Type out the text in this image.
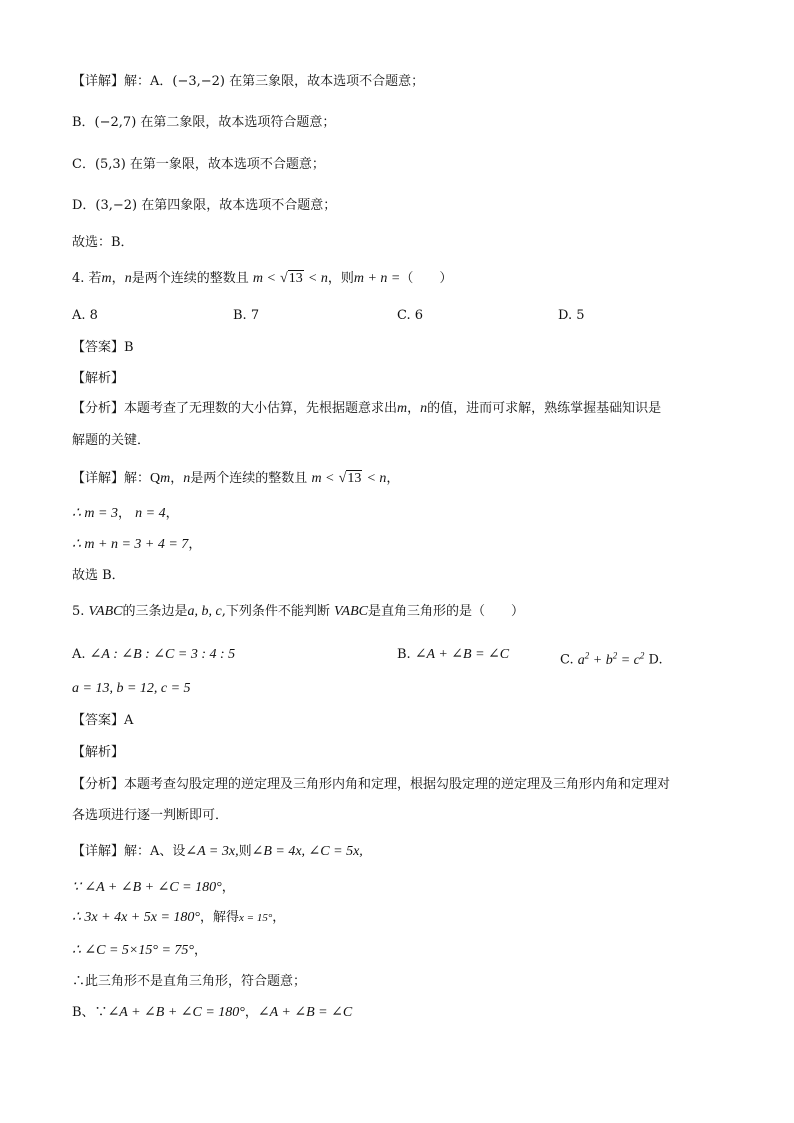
【详解】解：A．(−3,−2) 在第三象限，故本选项不合题意；
B．(−2,7) 在第二象限，故本选项符合题意；
C．(5,3) 在第一象限，故本选项不合题意；
D．(3,−2) 在第四象限，故本选项不合题意；
故选：B．
4. 若m，n是两个连续的整数且 m < √13 < n，则m + n =（　　）
A. 8	B. 7	C. 6	D. 5
【答案】B
【解析】
【分析】本题考查了无理数的大小估算，先根据题意求出m，n的值，进而可求解，熟练掌握基础知识是
解题的关键．
【详解】解：Qm，n是两个连续的整数且 m < √13 < n，
∴ m = 3， n = 4，
∴ m + n = 3 + 4 = 7，
故选 B．
5. VABC的三条边是a, b, c,下列条件不能判断 VABC是直角三角形的是（　　）
A. ∠A : ∠B : ∠C = 3 : 4 : 5	B. ∠A + ∠B = ∠C	C. $a^2 + b^2 = c^2$ D.
a = 13, b = 12, c = 5
【答案】A
【解析】
【分析】本题考查勾股定理的逆定理及三角形内角和定理，根据勾股定理的逆定理及三角形内角和定理对
各选项进行逐一判断即可．
【详解】解：A、设∠A = 3x,则∠B = 4x, ∠C = 5x,
∵ ∠A + ∠B + ∠C = 180°，
∴ 3x + 4x + 5x = 180°，解得x = 15°，
∴ ∠C = 5×15° = 75°，
∴此三角形不是直角三角形，符合题意；
B、∵∠A + ∠B + ∠C = 180°，∠A + ∠B = ∠C
